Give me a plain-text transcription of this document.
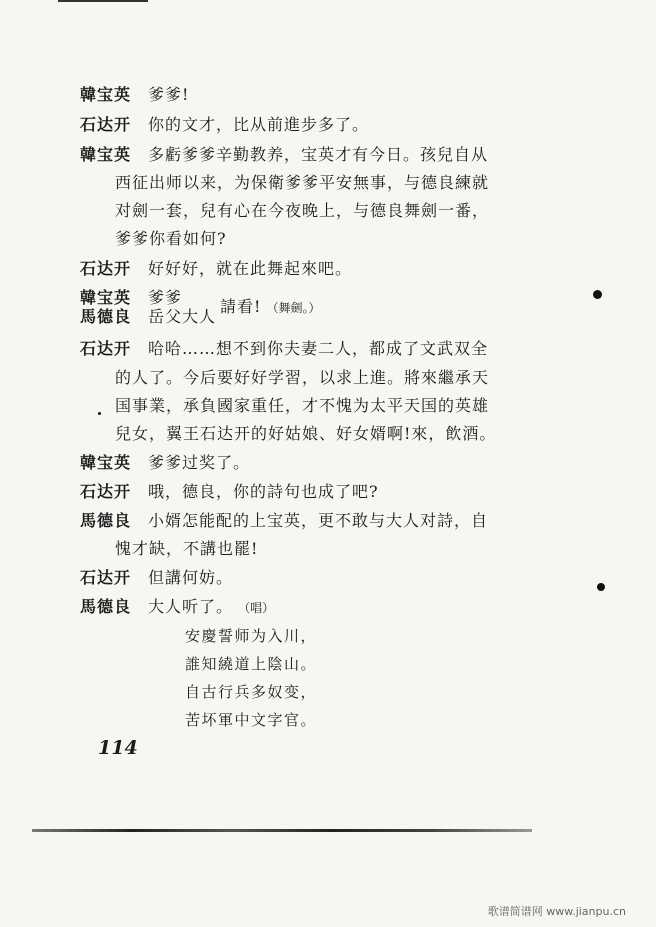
韓宝英 爹爹!
石达开 你的文才，比从前進步多了。
韓宝英 多虧爹爹辛勤教养，宝英才有今日。孩兒自从
西征出师以来，为保衛爹爹平安無事，与德良練就
对劍一套，兒有心在今夜晚上，与德良舞劍一番，
爹爹你看如何?
石达开 好好好，就在此舞起來吧。
韓宝英 爹爹
馬德良 岳父大人
請看! （舞劍。）
石达开 哈哈……想不到你夫妻二人，都成了文武双全
的人了。今后要好好学習，以求上進。將來繼承天
国事業，承負國家重任，才不愧为太平天国的英雄
兒女，翼王石达开的好姑娘、好女婿啊!來，飲酒。
韓宝英 爹爹过奖了。
石达开 哦，德良，你的詩句也成了吧?
馬德良 小婿怎能配的上宝英，更不敢与大人对詩，自
愧才缺，不講也罷!
石达开 但講何妨。
馬德良 大人听了。 （唱）
安慶誓师为入川，
誰知繞道上陰山。
自古行兵多奴变，
苦坏軍中文字官。
114
歌谱简谱网 www.jianpu.cn
